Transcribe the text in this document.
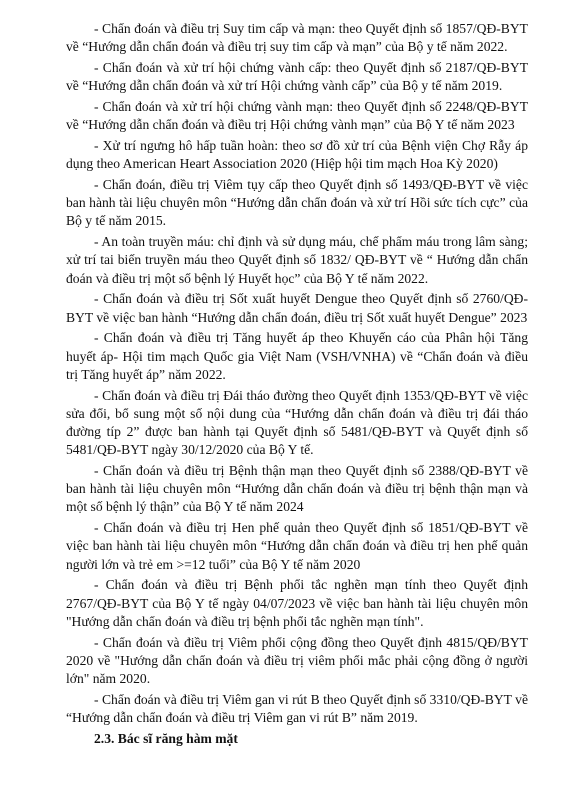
- Chẩn đoán và điều trị Suy tim cấp và mạn: theo Quyết định số 1857/QĐ-BYT về “Hướng dẫn chẩn đoán và điều trị suy tim cấp và mạn” của Bộ y tế năm 2022.

- Chẩn đoán và xử trí hội chứng vành cấp: theo Quyết định số 2187/QĐ-BYT về “Hướng dẫn chẩn đoán và xử trí Hội chứng vành cấp” của Bộ y tế năm 2019.

- Chẩn đoán và xử trí hội chứng vành mạn: theo Quyết định số 2248/QĐ-BYT về “Hướng dẫn chẩn đoán và điều trị Hội chứng vành mạn” của Bộ Y tế năm 2023

- Xử trí ngưng hô hấp tuần hoàn: theo sơ đồ xử trí của Bệnh viện Chợ Rẫy áp dụng theo American Heart Association 2020 (Hiệp hội tim mạch Hoa Kỳ 2020)

- Chẩn đoán, điều trị Viêm tụy cấp theo Quyết định số 1493/QĐ-BYT về việc ban hành tài liệu chuyên môn “Hướng dẫn chẩn đoán và xử trí Hồi sức tích cực” của Bộ y tế năm 2015.

- An toàn truyền máu: chỉ định và sử dụng máu, chế phẩm máu trong lâm sàng; xử trí tai biến truyền máu theo Quyết định số 1832/ QĐ-BYT về “ Hướng dẫn chẩn đoán và điều trị một số bệnh lý Huyết học” của Bộ Y tế năm 2022.

- Chẩn đoán và điều trị Sốt xuất huyết Dengue theo Quyết định số 2760/QĐ-BYT về việc ban hành “Hướng dẫn chẩn đoán, điều trị Sốt xuất huyết Dengue” 2023

- Chẩn đoán và điều trị Tăng huyết áp theo Khuyến cáo của Phân hội Tăng huyết áp- Hội tim mạch Quốc gia Việt Nam (VSH/VNHA) về “Chẩn đoán và điều trị Tăng huyết áp” năm 2022.

- Chẩn đoán và điều trị Đái tháo đường theo Quyết định 1353/QĐ-BYT về việc sửa đổi, bổ sung một số nội dung của “Hướng dẫn chẩn đoán và điều trị đái tháo đường típ 2” được ban hành tại Quyết định số 5481/QĐ-BYT và Quyết định số 5481/QĐ-BYT ngày 30/12/2020 của Bộ Y tế.

- Chẩn đoán và điều trị Bệnh thận mạn theo Quyết định số 2388/QĐ-BYT về ban hành tài liệu chuyên môn “Hướng dẫn chẩn đoán và điều trị bệnh thận mạn và một số bệnh lý thận” của Bộ Y tế năm 2024

- Chẩn đoán và điều trị Hen phế quản theo Quyết định số 1851/QĐ-BYT về việc ban hành tài liệu chuyên môn “Hướng dẫn chẩn đoán và điều trị hen phế quản người lớn và trẻ em >=12 tuổi” của Bộ Y tế năm 2020

- Chẩn đoán và điều trị Bệnh phổi tắc nghẽn mạn tính theo Quyết định 2767/QĐ-BYT của Bộ Y tế ngày 04/07/2023 về việc ban hành tài liệu chuyên môn "Hướng dẫn chẩn đoán và điều trị bệnh phổi tắc nghẽn mạn tính".

- Chẩn đoán và điều trị Viêm phổi cộng đồng theo Quyết định 4815/QĐ/BYT 2020 về "Hướng dẫn chẩn đoán và điều trị viêm phổi mắc phải cộng đồng ở người lớn" năm 2020.

- Chẩn đoán và điều trị Viêm gan vi rút B theo Quyết định số 3310/QĐ-BYT về “Hướng dẫn chẩn đoán và điều trị Viêm gan vi rút B” năm 2019.

2.3. Bác sĩ răng hàm mặt
